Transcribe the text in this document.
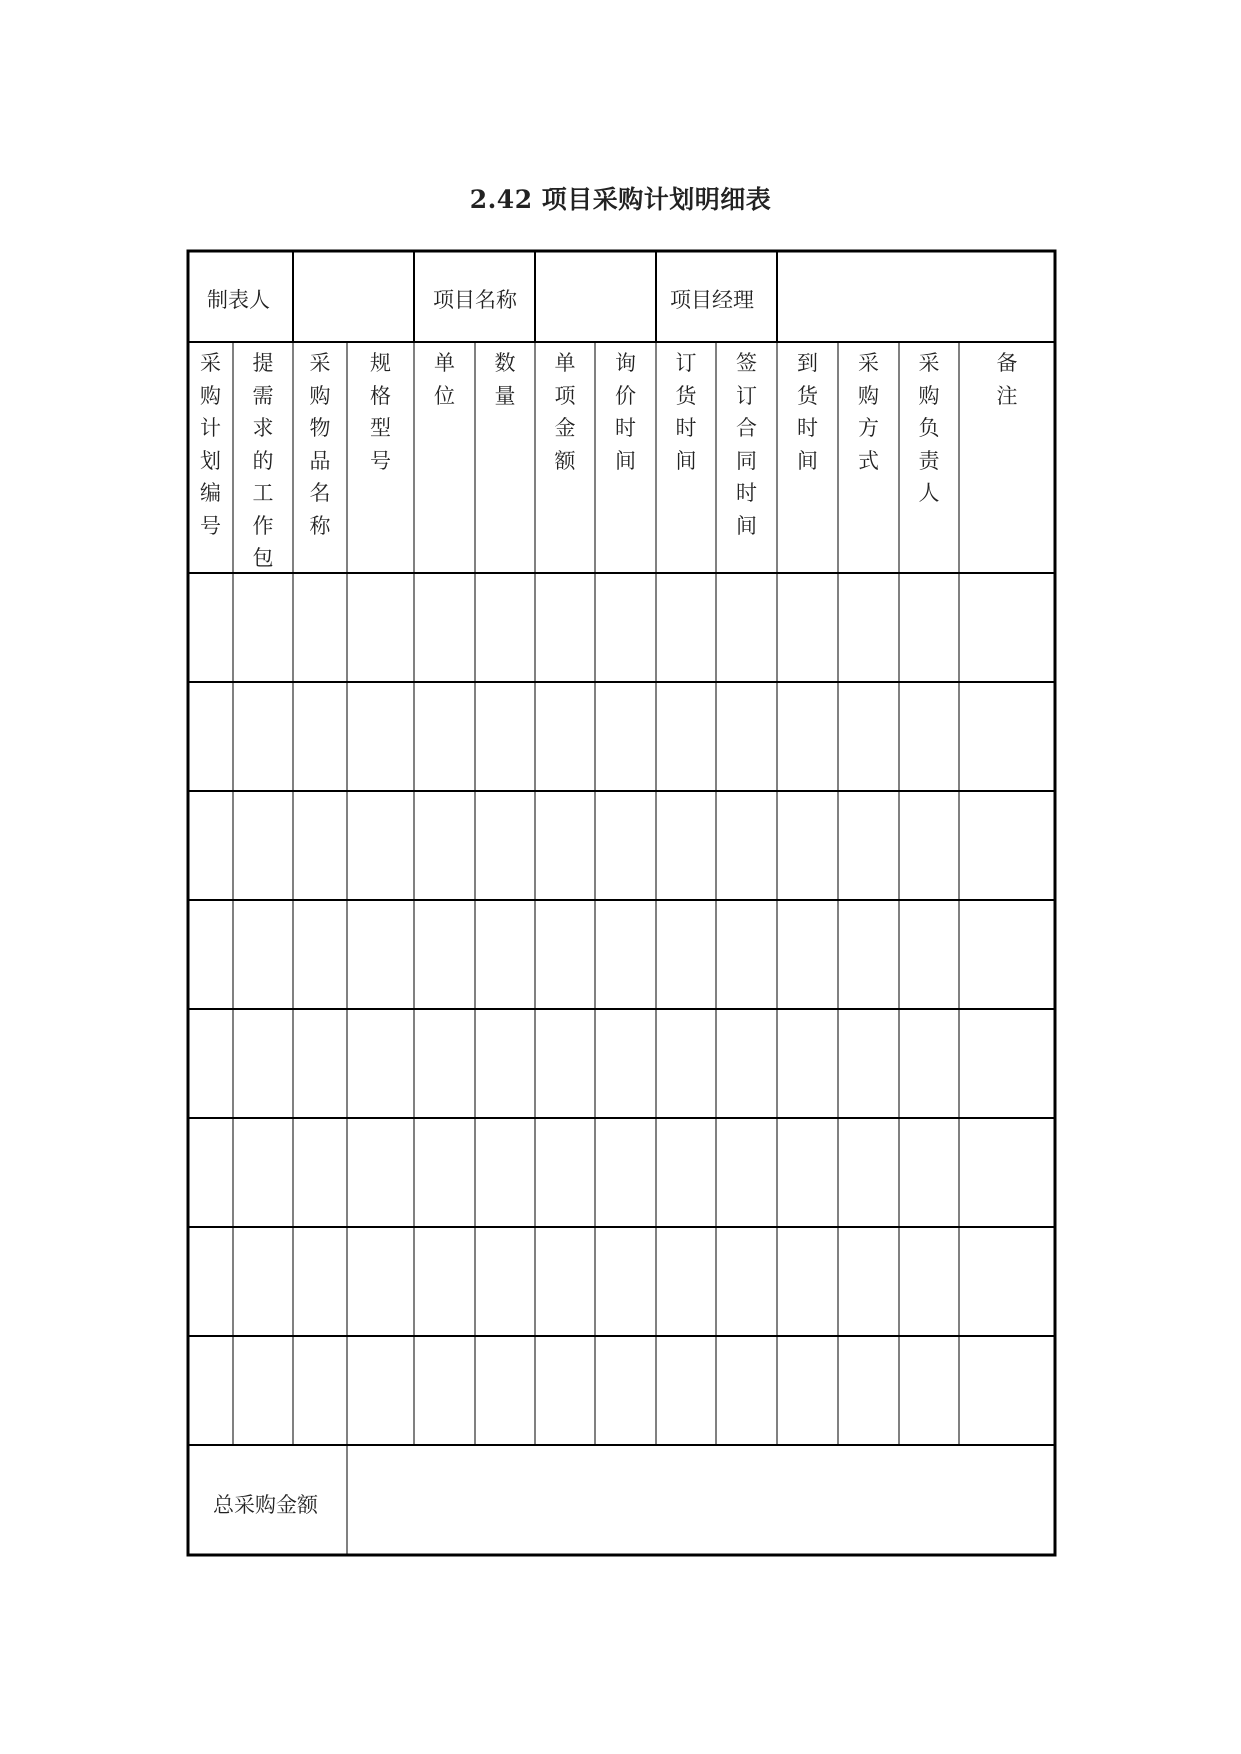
2.42 项目采购计划明细表
制表人	项目名称	项目经理
采
购
计
划
编
号
提
需
求
的
工
作
包
采
购
物
品
名
称
规
格
型
号
单
位
数
量
单
项
金
额
询
价
时
间
订
货
时
间
签
订
合
同
时
间
到
货
时
间
采
购
方
式
采
购
负
责
人
备
注
总采购金额
